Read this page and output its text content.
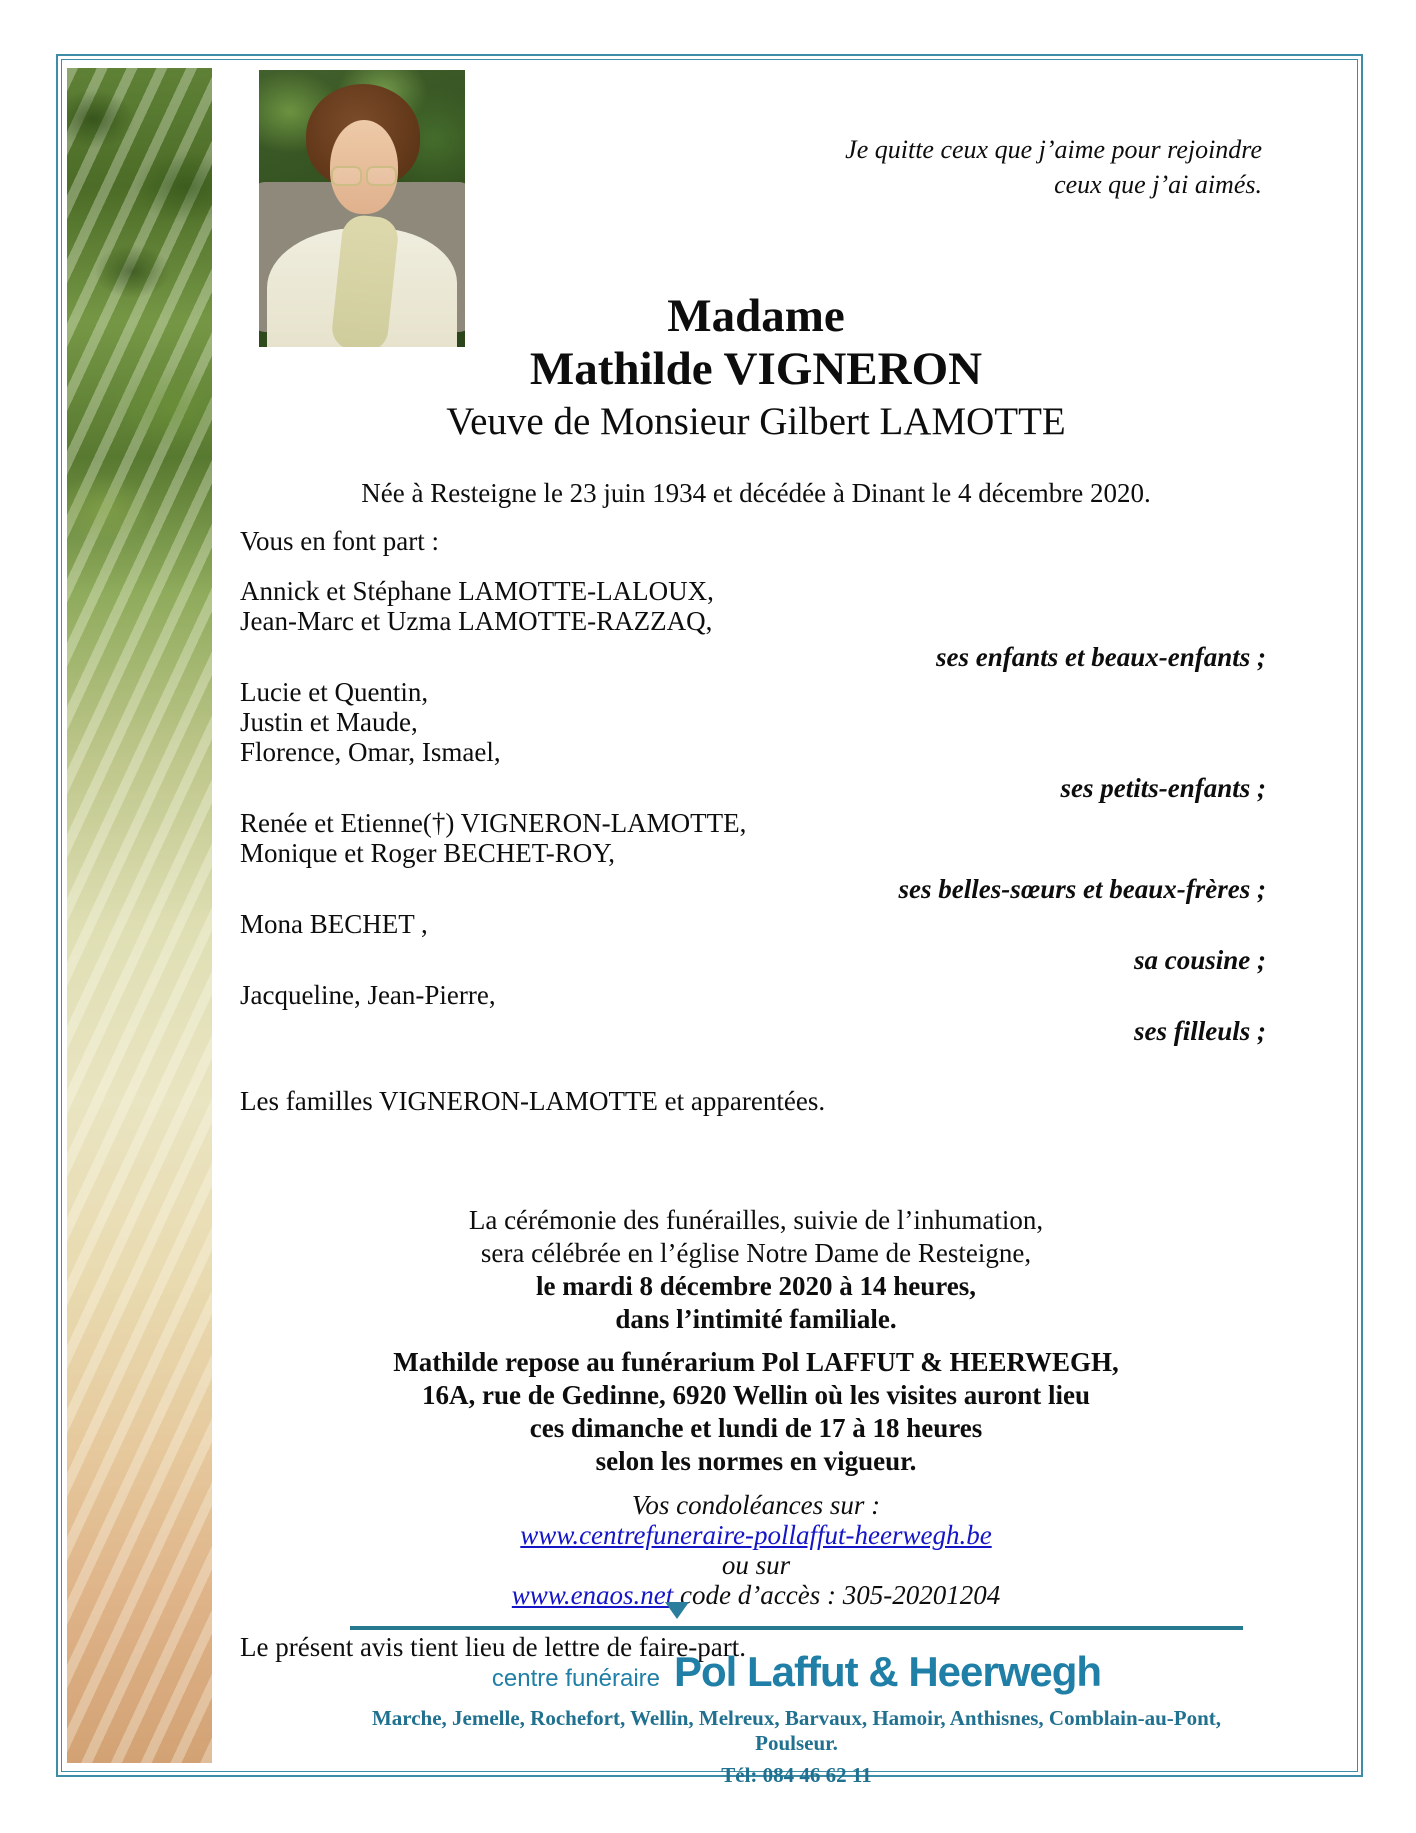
Je quitte ceux que j’aime pour rejoindre
ceux que j’ai aimés.
Madame
Mathilde VIGNERON
Veuve de Monsieur Gilbert LAMOTTE
Née à Resteigne le 23 juin 1934 et décédée à Dinant le 4 décembre 2020.
Vous en font part :
Annick et Stéphane LAMOTTE-LALOUX,
Jean-Marc et Uzma LAMOTTE-RAZZAQ,
ses enfants et beaux-enfants ;
Lucie et Quentin,
Justin et Maude,
Florence, Omar, Ismael,
ses petits-enfants ;
Renée et Etienne(†) VIGNERON-LAMOTTE,
Monique et Roger BECHET-ROY,
ses belles-sœurs et beaux-frères ;
Mona BECHET ,
sa cousine ;
Jacqueline, Jean-Pierre,
ses filleuls ;
Les familles VIGNERON-LAMOTTE et apparentées.
La cérémonie des funérailles, suivie de l’inhumation,
sera célébrée en l’église Notre Dame de Resteigne,
le mardi 8 décembre 2020 à 14 heures,
dans l’intimité familiale.
Mathilde repose au funérarium Pol LAFFUT & HEERWEGH,
16A, rue de Gedinne, 6920 Wellin où les visites auront lieu
ces dimanche et lundi de 17 à 18 heures
selon les normes en vigueur.
Vos condoléances sur :
www.centrefuneraire-pollaffut-heerwegh.be
ou sur
www.enaos.net code d’accès : 305-20201204
Le présent avis tient lieu de lettre de faire-part.
centre funéraire Pol Laffut & Heerwegh
Marche, Jemelle, Rochefort, Wellin, Melreux, Barvaux, Hamoir, Anthisnes, Comblain-au-Pont, Poulseur.
Tél: 084 46 62 11
